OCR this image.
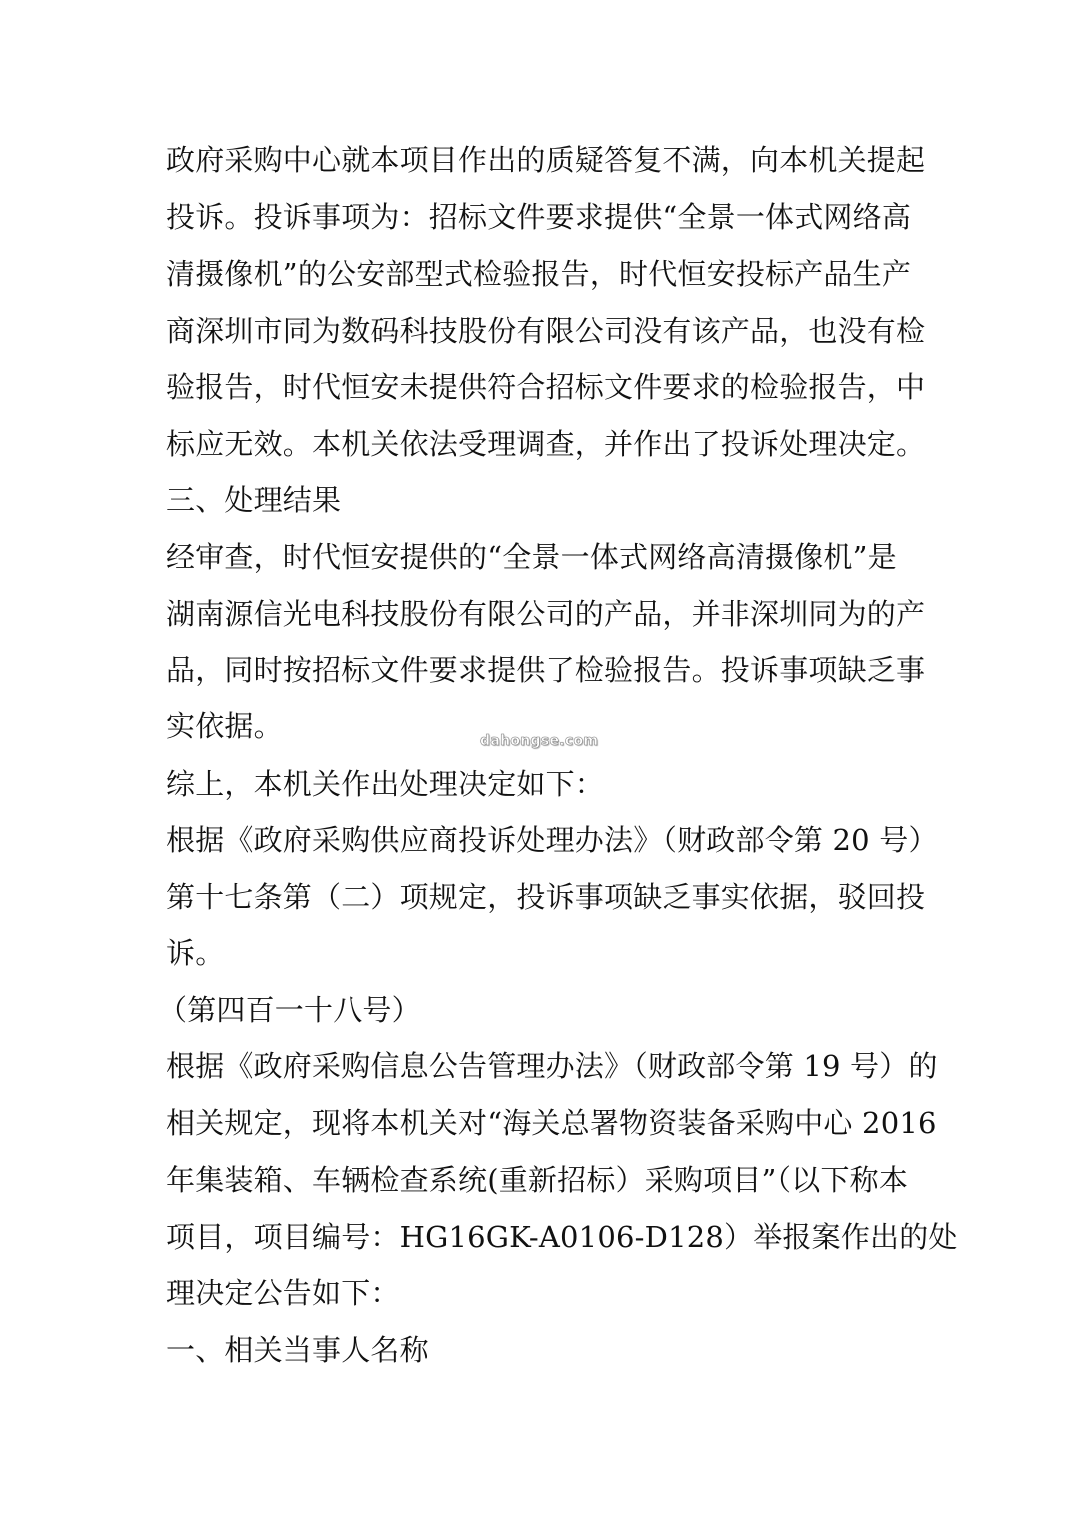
政府采购中心就本项目作出的质疑答复不满，向本机关提起
投诉。投诉事项为：招标文件要求提供“全景一体式网络高
清摄像机”的公安部型式检验报告，时代恒安投标产品生产
商深圳市同为数码科技股份有限公司没有该产品，也没有检
验报告，时代恒安未提供符合招标文件要求的检验报告，中
标应无效。本机关依法受理调查，并作出了投诉处理决定。
三、处理结果
经审查，时代恒安提供的“全景一体式网络高清摄像机”是
湖南源信光电科技股份有限公司的产品，并非深圳同为的产
品，同时按招标文件要求提供了检验报告。投诉事项缺乏事
实依据。
综上，本机关作出处理决定如下：
根据《政府采购供应商投诉处理办法》（财政部令第 20 号）
第十七条第（二）项规定，投诉事项缺乏事实依据，驳回投
诉。
（第四百一十八号）
根据《政府采购信息公告管理办法》（财政部令第 19 号）的
相关规定，现将本机关对“海关总署物资装备采购中心 2016
年集装箱、车辆检查系统(重新招标）采购项目”（以下称本
项目，项目编号：HG16GK-A0106-D128）举报案作出的处
理决定公告如下：
一、相关当事人名称
dahongse.com
